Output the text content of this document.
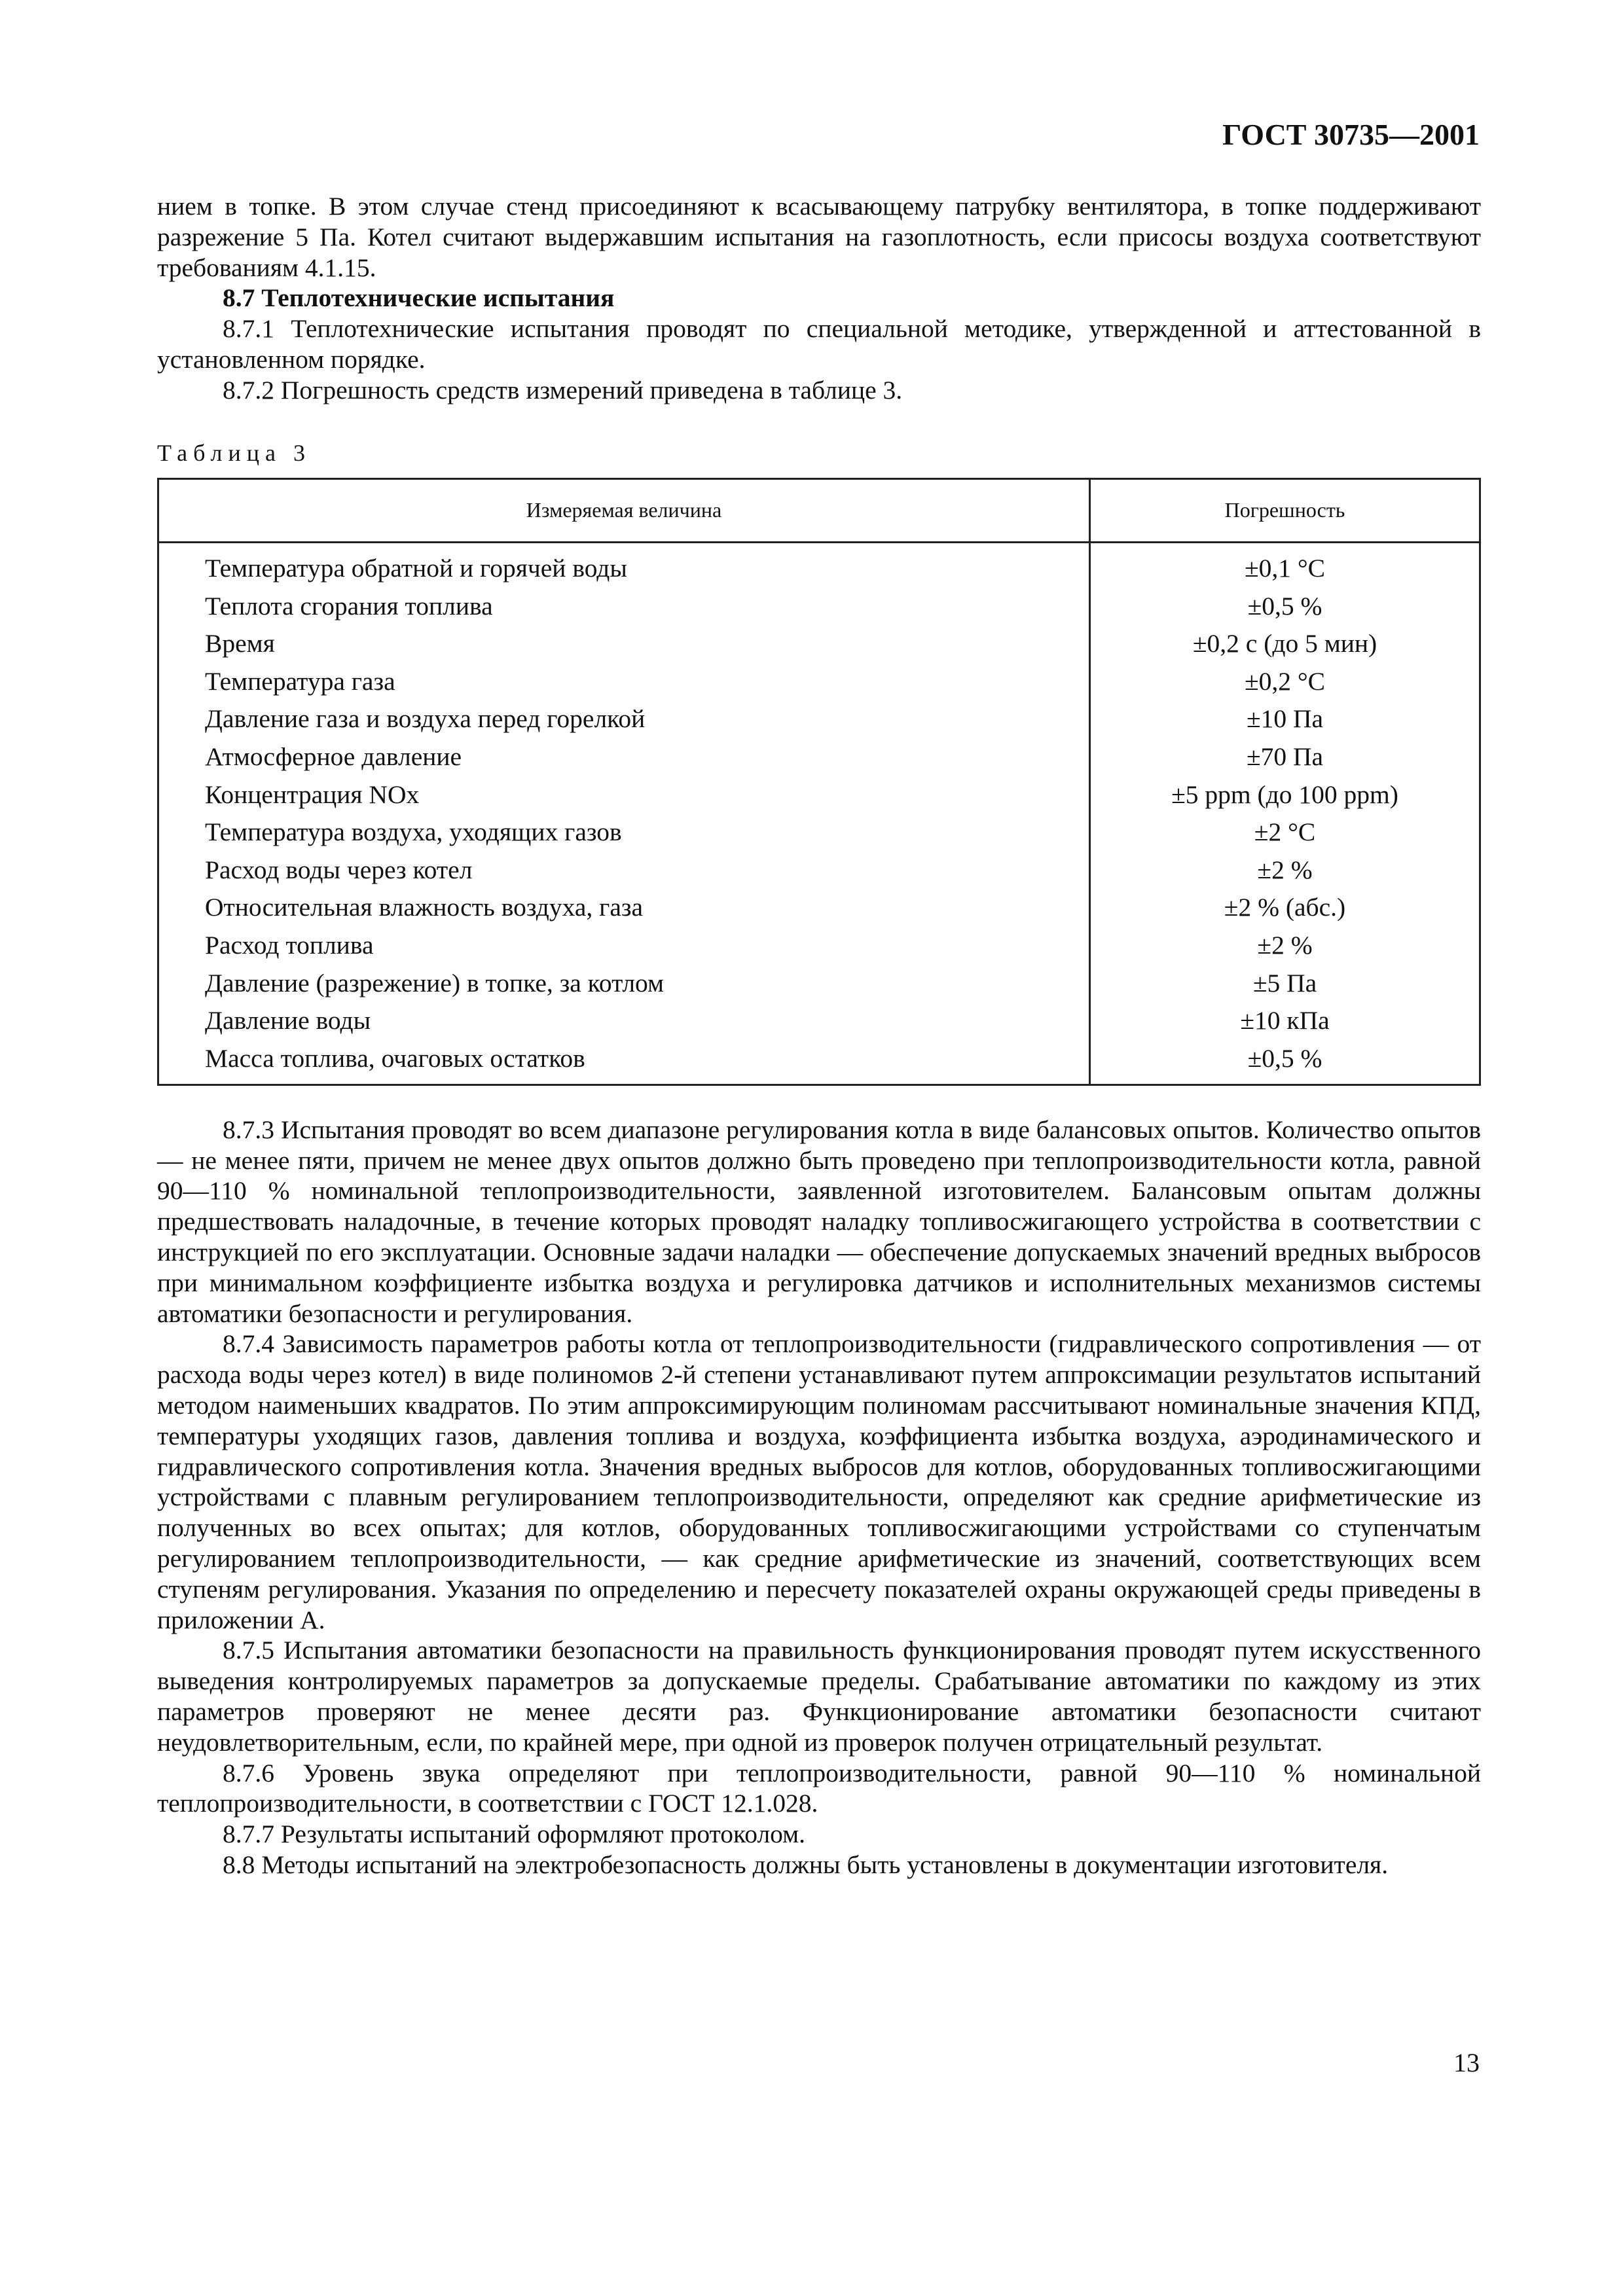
ГОСТ 30735—2001

нием в топке. В этом случае стенд присоединяют к всасывающему патрубку вентилятора, в топке поддерживают разрежение 5 Па. Котел считают выдержавшим испытания на газоплотность, если присосы воздуха соответствуют требованиям 4.1.15.

8.7 Теплотехнические испытания

8.7.1 Теплотехнические испытания проводят по специальной методике, утвержденной и аттестованной в установленном порядке.

8.7.2 Погрешность средств измерений приведена в таблице 3.

Таблица 3
Измеряемая величина	Погрешность
Температура обратной и горячей воды	±0,1 °С
Теплота сгорания топлива	±0,5 %
Время	±0,2 с (до 5 мин)
Температура газа	±0,2 °С
Давление газа и воздуха перед горелкой	±10 Па
Атмосферное давление	±70 Па
Концентрация NOx	±5 ppm (до 100 ppm)
Температура воздуха, уходящих газов	±2 °С
Расход воды через котел	±2 %
Относительная влажность воздуха, газа	±2 % (абс.)
Расход топлива	±2 %
Давление (разрежение) в топке, за котлом	±5 Па
Давление воды	±10 кПа
Масса топлива, очаговых остатков	±0,5 %

8.7.3 Испытания проводят во всем диапазоне регулирования котла в виде балансовых опытов. Количество опытов — не менее пяти, причем не менее двух опытов должно быть проведено при теплопроизводительности котла, равной 90—110 % номинальной теплопроизводительности, заявленной изготовителем. Балансовым опытам должны предшествовать наладочные, в течение которых проводят наладку топливосжигающего устройства в соответствии с инструкцией по его эксплуатации. Основные задачи наладки — обеспечение допускаемых значений вредных выбросов при минимальном коэффициенте избытка воздуха и регулировка датчиков и исполнительных механизмов системы автоматики безопасности и регулирования.

8.7.4 Зависимость параметров работы котла от теплопроизводительности (гидравлического сопротивления — от расхода воды через котел) в виде полиномов 2-й степени устанавливают путем аппроксимации результатов испытаний методом наименьших квадратов. По этим аппроксимирующим полиномам рассчитывают номинальные значения КПД, температуры уходящих газов, давления топлива и воздуха, коэффициента избытка воздуха, аэродинамического и гидравлического сопротивления котла. Значения вредных выбросов для котлов, оборудованных топливосжигающими устройствами с плавным регулированием теплопроизводительности, определяют как средние арифметические из полученных во всех опытах; для котлов, оборудованных топливосжигающими устройствами со ступенчатым регулированием теплопроизводительности, — как средние арифметические из значений, соответствующих всем ступеням регулирования. Указания по определению и пересчету показателей охраны окружающей среды приведены в приложении А.

8.7.5 Испытания автоматики безопасности на правильность функционирования проводят путем искусственного выведения контролируемых параметров за допускаемые пределы. Срабатывание автоматики по каждому из этих параметров проверяют не менее десяти раз. Функционирование автоматики безопасности считают неудовлетворительным, если, по крайней мере, при одной из проверок получен отрицательный результат.

8.7.6 Уровень звука определяют при теплопроизводительности, равной 90—110 % номинальной теплопроизводительности, в соответствии с ГОСТ 12.1.028.

8.7.7 Результаты испытаний оформляют протоколом.

8.8 Методы испытаний на электробезопасность должны быть установлены в документации изготовителя.

13
